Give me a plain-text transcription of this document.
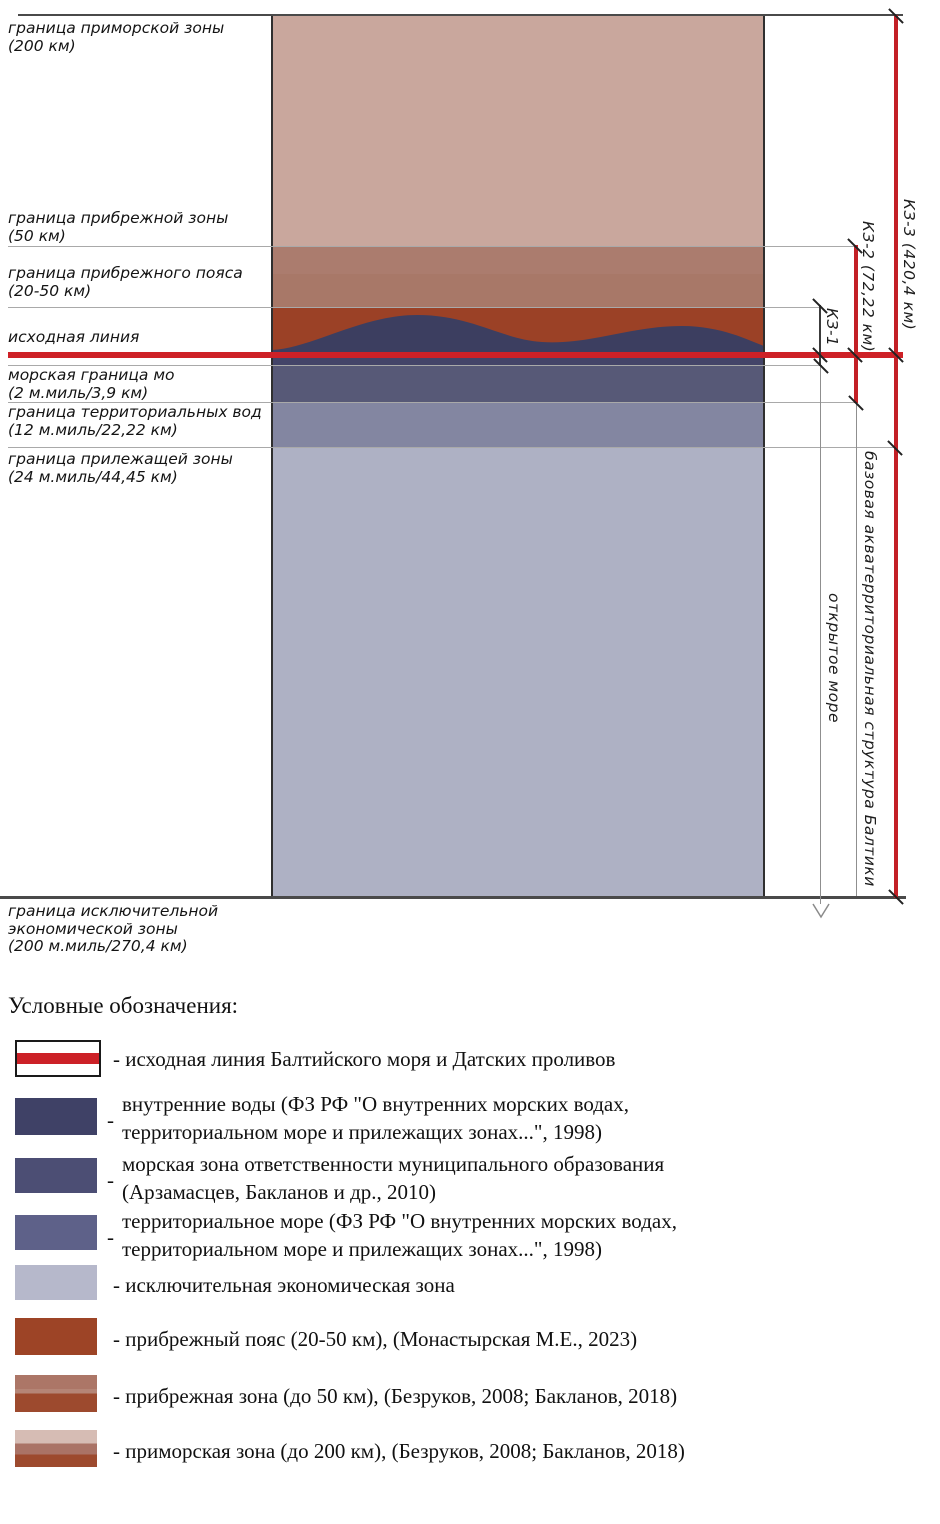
граница приморской зоны
(200 км)
граница прибрежной зоны
(50 км)
граница прибрежного пояса
(20-50 км)
исходная линия
морская граница мо
(2 м.миль/3,9 км)
граница территориальных вод
(12 м.миль/22,22 км)
граница прилежащей зоны
(24 м.миль/44,45 км)
граница исключительной
экономической зоны
(200 м.миль/270,4 км)
КЗ-1 КЗ-2 (72,22 км) КЗ-3 (420,4 км)
открытое море базовая акватерриториальная структура Балтики
Условные обозначения:
- исходная линия Балтийского моря и Датских проливов
-
внутренние воды (ФЗ РФ "О внутренних морских водах,
территориальном море и прилежащих зонах...", 1998)
-
морская зона ответственности муниципального образования
(Арзамасцев, Бакланов и др., 2010)
-
территориальное море (ФЗ РФ "О внутренних морских водах,
территориальном море и прилежащих зонах...", 1998)
- исключительная экономическая зона
- прибрежный пояс (20-50 км), (Монастырская М.Е., 2023)
- прибрежная зона (до 50 км), (Безруков, 2008; Бакланов, 2018)
- приморская зона (до 200 км), (Безруков, 2008; Бакланов, 2018)
